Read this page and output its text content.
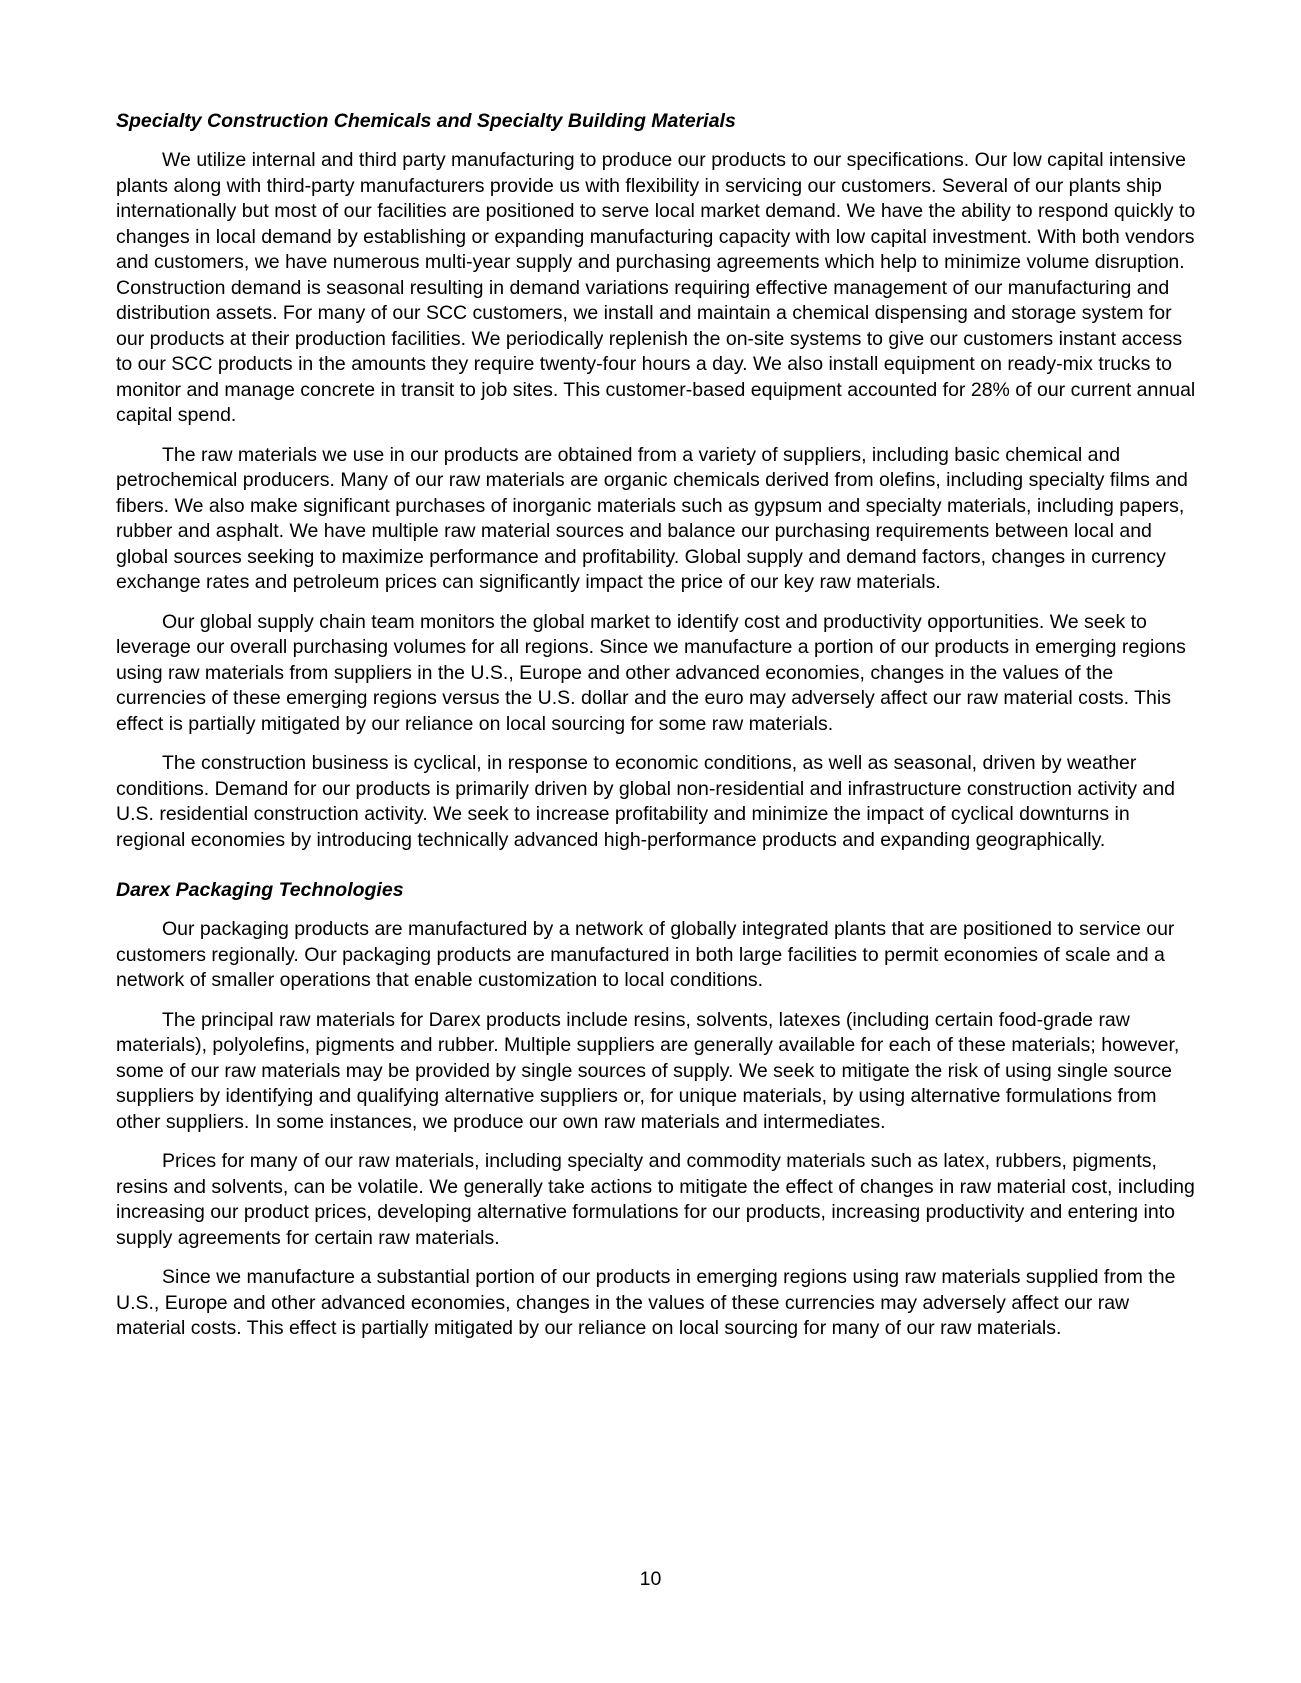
Specialty Construction Chemicals and Specialty Building Materials

We utilize internal and third party manufacturing to produce our products to our specifications. Our low capital intensive plants along with third-party manufacturers provide us with flexibility in servicing our customers. Several of our plants ship internationally but most of our facilities are positioned to serve local market demand. We have the ability to respond quickly to changes in local demand by establishing or expanding manufacturing capacity with low capital investment. With both vendors and customers, we have numerous multi-year supply and purchasing agreements which help to minimize volume disruption. Construction demand is seasonal resulting in demand variations requiring effective management of our manufacturing and distribution assets. For many of our SCC customers, we install and maintain a chemical dispensing and storage system for our products at their production facilities. We periodically replenish the on-site systems to give our customers instant access to our SCC products in the amounts they require twenty-four hours a day. We also install equipment on ready-mix trucks to monitor and manage concrete in transit to job sites. This customer-based equipment accounted for 28% of our current annual capital spend.

The raw materials we use in our products are obtained from a variety of suppliers, including basic chemical and petrochemical producers. Many of our raw materials are organic chemicals derived from olefins, including specialty films and fibers. We also make significant purchases of inorganic materials such as gypsum and specialty materials, including papers, rubber and asphalt. We have multiple raw material sources and balance our purchasing requirements between local and global sources seeking to maximize performance and profitability. Global supply and demand factors, changes in currency exchange rates and petroleum prices can significantly impact the price of our key raw materials.

Our global supply chain team monitors the global market to identify cost and productivity opportunities. We seek to leverage our overall purchasing volumes for all regions. Since we manufacture a portion of our products in emerging regions using raw materials from suppliers in the U.S., Europe and other advanced economies, changes in the values of the currencies of these emerging regions versus the U.S. dollar and the euro may adversely affect our raw material costs. This effect is partially mitigated by our reliance on local sourcing for some raw materials.

The construction business is cyclical, in response to economic conditions, as well as seasonal, driven by weather conditions. Demand for our products is primarily driven by global non-residential and infrastructure construction activity and U.S. residential construction activity. We seek to increase profitability and minimize the impact of cyclical downturns in regional economies by introducing technically advanced high-performance products and expanding geographically.

Darex Packaging Technologies

Our packaging products are manufactured by a network of globally integrated plants that are positioned to service our customers regionally. Our packaging products are manufactured in both large facilities to permit economies of scale and a network of smaller operations that enable customization to local conditions.

The principal raw materials for Darex products include resins, solvents, latexes (including certain food-grade raw materials), polyolefins, pigments and rubber. Multiple suppliers are generally available for each of these materials; however, some of our raw materials may be provided by single sources of supply. We seek to mitigate the risk of using single source suppliers by identifying and qualifying alternative suppliers or, for unique materials, by using alternative formulations from other suppliers. In some instances, we produce our own raw materials and intermediates.

Prices for many of our raw materials, including specialty and commodity materials such as latex, rubbers, pigments, resins and solvents, can be volatile. We generally take actions to mitigate the effect of changes in raw material cost, including increasing our product prices, developing alternative formulations for our products, increasing productivity and entering into supply agreements for certain raw materials.

Since we manufacture a substantial portion of our products in emerging regions using raw materials supplied from the U.S., Europe and other advanced economies, changes in the values of these currencies may adversely affect our raw material costs. This effect is partially mitigated by our reliance on local sourcing for many of our raw materials.

10
